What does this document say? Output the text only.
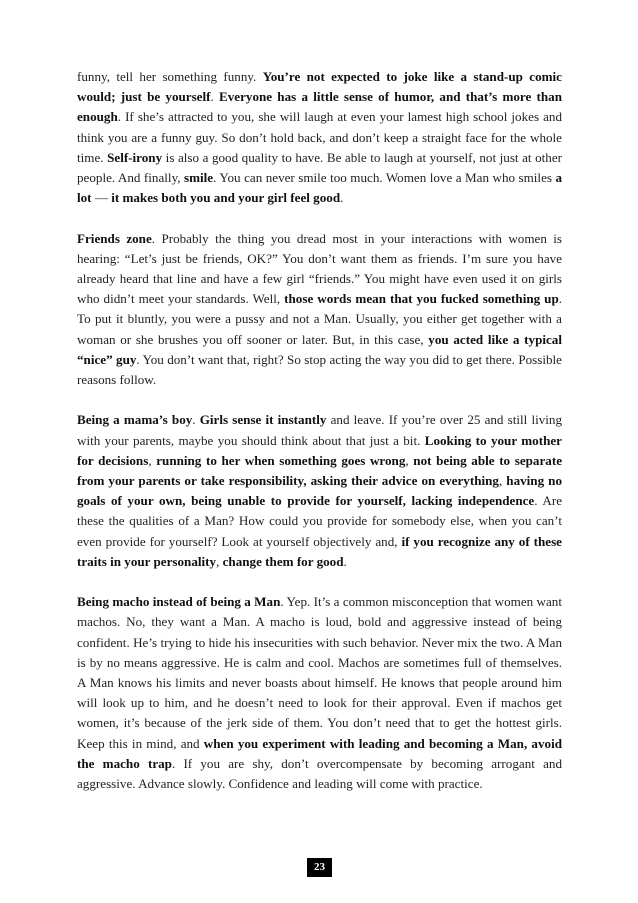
funny, tell her something funny. You’re not expected to joke like a stand-up comic would; just be yourself. Everyone has a little sense of humor, and that’s more than enough. If she’s attracted to you, she will laugh at even your lamest high school jokes and think you are a funny guy. So don’t hold back, and don’t keep a straight face for the whole time. Self-irony is also a good quality to have. Be able to laugh at yourself, not just at other people. And finally, smile. You can never smile too much. Women love a Man who smiles a lot — it makes both you and your girl feel good.

Friends zone. Probably the thing you dread most in your interactions with women is hearing: “Let’s just be friends, OK?” You don’t want them as friends. I’m sure you have already heard that line and have a few girl “friends.” You might have even used it on girls who didn’t meet your standards. Well, those words mean that you fucked something up. To put it bluntly, you were a pussy and not a Man. Usually, you either get together with a woman or she brushes you off sooner or later. But, in this case, you acted like a typical “nice” guy. You don’t want that, right? So stop acting the way you did to get there. Possible reasons follow.

Being a mama’s boy. Girls sense it instantly and leave. If you’re over 25 and still living with your parents, maybe you should think about that just a bit. Looking to your mother for decisions, running to her when something goes wrong, not being able to separate from your parents or take responsibility, asking their advice on everything, having no goals of your own, being unable to provide for yourself, lacking independence. Are these the qualities of a Man? How could you provide for somebody else, when you can’t even provide for yourself? Look at yourself objectively and, if you recognize any of these traits in your personality, change them for good.

Being macho instead of being a Man. Yep. It’s a common misconception that women want machos. No, they want a Man. A macho is loud, bold and aggressive instead of being confident. He’s trying to hide his insecurities with such behavior. Never mix the two. A Man is by no means aggressive. He is calm and cool. Machos are sometimes full of themselves. A Man knows his limits and never boasts about himself. He knows that people around him will look up to him, and he doesn’t need to look for their approval. Even if machos get women, it’s because of the jerk side of them. You don’t need that to get the hottest girls. Keep this in mind, and when you experiment with leading and becoming a Man, avoid the macho trap. If you are shy, don’t overcompensate by becoming arrogant and aggressive. Advance slowly. Confidence and leading will come with practice.

23
